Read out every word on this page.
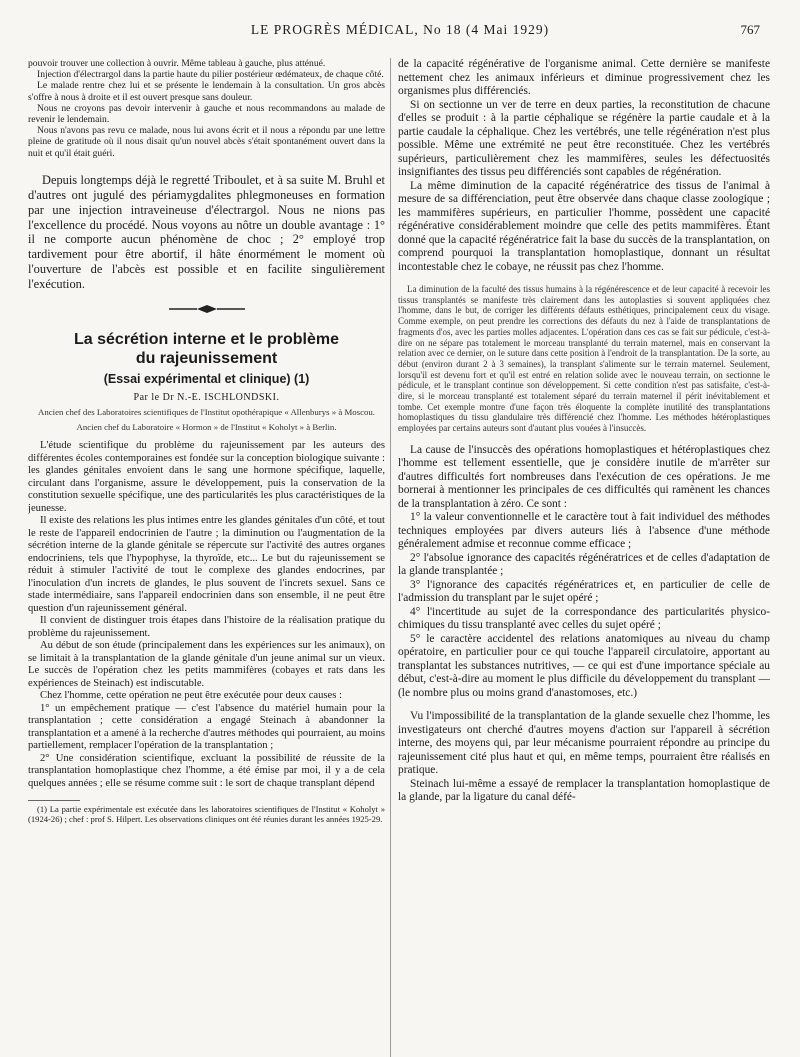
LE PROGRÈS MÉDICAL, No 18 (4 Mai 1929)	767

pouvoir trouver une collection à ouvrir. Même tableau à gauche, plus atténué.

Injection d'électrargol dans la partie haute du pilier postérieur œdémateux, de chaque côté.

Le malade rentre chez lui et se présente le lendemain à la consultation. Un gros abcès s'offre à nous à droite et il est ouvert presque sans douleur.

Nous ne croyons pas devoir intervenir à gauche et nous recommandons au malade de revenir le lendemain.

Nous n'avons pas revu ce malade, nous lui avons écrit et il nous a répondu par une lettre pleine de gratitude où il nous disait qu'un nouvel abcès s'était spontanément ouvert dans la nuit et qu'il était guéri.

Depuis longtemps déjà le regretté Triboulet, et à sa suite M. Bruhl et d'autres ont jugulé des périamygdalites phlegmoneuses en formation par une injection intraveineuse d'électrargol. Nous ne nions pas l'excellence du procédé. Nous voyons au nôtre un double avantage : 1° il ne comporte aucun phénomène de choc ; 2° employé trop tardivement pour être abortif, il hâte énormément le moment où l'ouverture de l'abcès est possible et en facilite singulièrement l'exécution.

La sécrétion interne et le problème
du rajeunissement
(Essai expérimental et clinique) (1)
Par le Dr N.-E. ISCHLONDSKI.
Ancien chef des Laboratoires scientifiques de l'Institut opothérapique « Allenburys » à Moscou.
Ancien chef du Laboratoire « Hormon » de l'Institut « Koholyt » à Berlin.

L'étude scientifique du problème du rajeunissement par les auteurs des différentes écoles contemporaines est fondée sur la conception biologique suivante : les glandes génitales envoient dans le sang une hormone spécifique, laquelle, circulant dans l'organisme, assure le développement, puis la conservation de la constitution sexuelle spécifique, une des particularités les plus caractéristiques de la jeunesse.

Il existe des relations les plus intimes entre les glandes génitales d'un côté, et tout le reste de l'appareil endocrinien de l'autre ; la diminution ou l'augmentation de la sécrétion interne de la glande génitale se répercute sur l'activité des autres organes endocriniens, tels que l'hypophyse, la thyroïde, etc... Le but du rajeunissement se réduit à stimuler l'activité de tout le complexe des glandes endocrines, par l'inoculation d'un increts de glandes, le plus souvent de l'increts sexuel. Sans ce stade intermédiaire, sans l'appareil endocrinien dans son ensemble, il ne peut être question d'un rajeunissement général.

Il convient de distinguer trois étapes dans l'histoire de la réalisation pratique du problème du rajeunissement.

Au début de son étude (principalement dans les expériences sur les animaux), on se limitait à la transplantation de la glande génitale d'un jeune animal sur un vieux. Le succès de l'opération chez les petits mammifères (cobayes et rats dans les expériences de Steinach) est indiscutable.

Chez l'homme, cette opération ne peut être exécutée pour deux causes :

1° un empêchement pratique — c'est l'absence du matériel humain pour la transplantation ; cette considération a engagé Steinach à abandonner la transplantation et a amené à la recherche d'autres méthodes qui pourraient, au moins partiellement, remplacer l'opération de la transplantation ;

2° Une considération scientifique, excluant la possibilité de réussite de la transplantation homoplastique chez l'homme, a été émise par moi, il y a de cela quelques années ; elle se résume comme suit : le sort de chaque transplant dépend

(1) La partie expérimentale est exécutée dans les laboratoires scientifiques de l'Institut « Koholyt » (1924-26) ; chef : prof S. Hilpert. Les observations cliniques ont été réunies durant les années 1925-29.

de la capacité régénérative de l'organisme animal. Cette dernière se manifeste nettement chez les animaux inférieurs et diminue progressivement chez les organismes plus différenciés.

Si on sectionne un ver de terre en deux parties, la reconstitution de chacune d'elles se produit : à la partie céphalique se régénère la partie caudale et à la partie caudale la céphalique. Chez les vertébrés, une telle régénération n'est plus possible. Même une extrémité ne peut être reconstituée. Chez les vertébrés supérieurs, particulièrement chez les mammifères, seules les défectuosités insignifiantes des tissus peu différenciés sont capables de régénération.

La même diminution de la capacité régénératrice des tissus de l'animal à mesure de sa différenciation, peut être observée dans chaque classe zoologique ; les mammifères supérieurs, en particulier l'homme, possèdent une capacité régénérative considérablement moindre que celle des petits mammifères. Étant donné que la capacité régénératrice fait la base du succès de la transplantation, on comprend pourquoi la transplantation homoplastique, donnant un résultat incontestable chez le cobaye, ne réussit pas chez l'homme.

La diminution de la faculté des tissus humains à la régénérescence et de leur capacité à recevoir les tissus transplantés se manifeste très clairement dans les autoplasties si souvent appliquées chez l'homme, dans le but, de corriger les différents défauts esthétiques, principalement ceux du visage. Comme exemple, on peut prendre les corrections des défauts du nez à l'aide de transplantations de fragments d'os, avec les parties molles adjacentes. L'opération dans ces cas se fait sur pédicule, c'est-à-dire on ne sépare pas totalement le morceau transplanté du terrain maternel, mais en conservant la relation avec ce dernier, on le suture dans cette position à l'endroit de la transplantation. De la sorte, au début (environ durant 2 à 3 semaines), la transplant s'alimente sur le terrain maternel. Seulement, lorsqu'il est devenu fort et qu'il est entré en relation solide avec le nouveau terrain, on sectionne le pédicule, et le transplant continue son développement. Si cette condition n'est pas satisfaite, c'est-à-dire, si le morceau transplanté est totalement séparé du terrain maternel il périt inévitablement et tombe. Cet exemple montre d'une façon très éloquente la complète inutilité des transplantations homoplastiques du tissu glandulaire très différencié chez l'homme. Les méthodes hétéroplastiques employées par certains auteurs sont d'autant plus vouées à l'insuccès.

La cause de l'insuccès des opérations homoplastiques et hétéroplastiques chez l'homme est tellement essentielle, que je considère inutile de m'arrêter sur d'autres difficultés fort nombreuses dans l'exécution de ces opérations. Je me bornerai à mentionner les principales de ces difficultés qui ramènent les chances de la transplantation à zéro. Ce sont :

1° la valeur conventionnelle et le caractère tout à fait individuel des méthodes techniques employées par divers auteurs liés à l'absence d'une méthode généralement admise et reconnue comme efficace ;

2° l'absolue ignorance des capacités régénératrices et de celles d'adaptation de la glande transplantée ;

3° l'ignorance des capacités régénératrices et, en particulier de celle de l'admission du transplant par le sujet opéré ;

4° l'incertitude au sujet de la correspondance des particularités physico-chimiques du tissu transplanté avec celles du sujet opéré ;

5° le caractère accidentel des relations anatomiques au niveau du champ opératoire, en particulier pour ce qui touche l'appareil circulatoire, apportant au transplantat les substances nutritives, — ce qui est d'une importance spéciale au début, c'est-à-dire au moment le plus difficile du développement du transplant — (le nombre plus ou moins grand d'anastomoses, etc.)

Vu l'impossibilité de la transplantation de la glande sexuelle chez l'homme, les investigateurs ont cherché d'autres moyens d'action sur l'appareil à sécrétion interne, des moyens qui, par leur mécanisme pourraient répondre au principe du rajeunissement cité plus haut et qui, en même temps, pourraient être réalisés en pratique.

Steinach lui-même a essayé de remplacer la transplantation homoplastique de la glande, par la ligature du canal défé-
